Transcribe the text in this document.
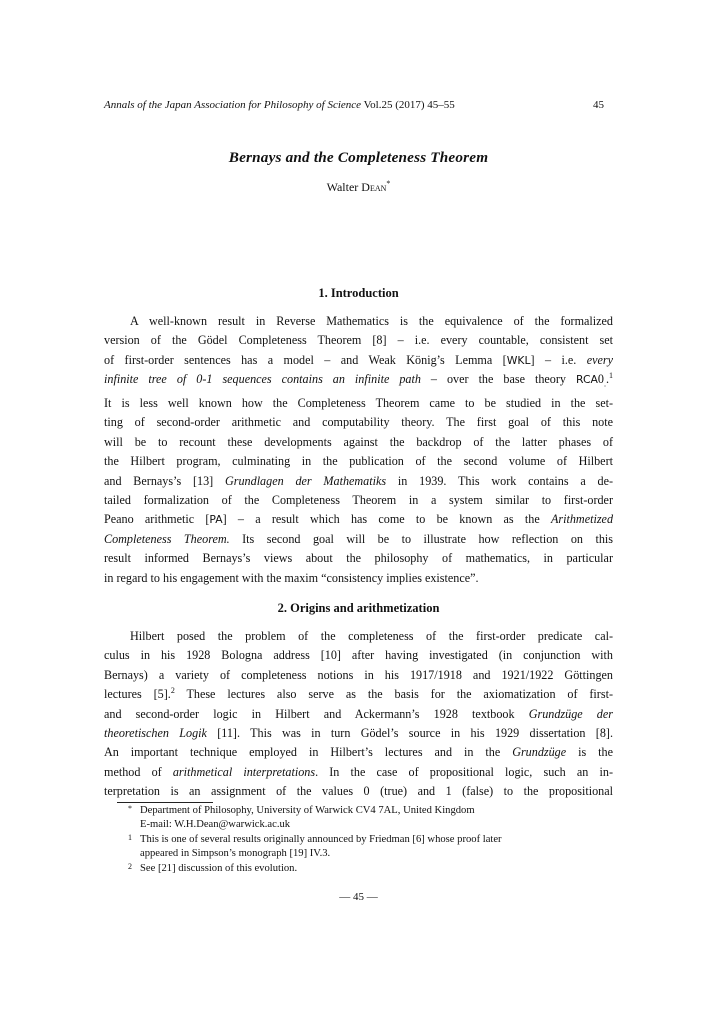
Annals of the Japan Association for Philosophy of Science Vol.25 (2017) 45–55	45
Bernays and the Completeness Theorem
Walter Dean*
1. Introduction
A well-known result in Reverse Mathematics is the equivalence of the formalized
version of the Gödel Completeness Theorem [8] – i.e. every countable, consistent set
of first-order sentences has a model – and Weak König’s Lemma [WKL] – i.e. every
infinite tree of 0-1 sequences contains an infinite path – over the base theory $RCA0_..^1$
It is less well known how the Completeness Theorem came to be studied in the set-
ting of second-order arithmetic and computability theory. The first goal of this note
will be to recount these developments against the backdrop of the latter phases of
the Hilbert program, culminating in the publication of the second volume of Hilbert
and Bernays’s [13] Grundlagen der Mathematiks in 1939. This work contains a de-
tailed formalization of the Completeness Theorem in a system similar to first-order
Peano arithmetic [PA] – a result which has come to be known as the Arithmetized
Completeness Theorem. Its second goal will be to illustrate how reflection on this
result informed Bernays’s views about the philosophy of mathematics, in particular
in regard to his engagement with the maxim “consistency implies existence”.
2. Origins and arithmetization
Hilbert posed the problem of the completeness of the first-order predicate cal-
culus in his 1928 Bologna address [10] after having investigated (in conjunction with
Bernays) a variety of completeness notions in his 1917/1918 and 1921/1922 Göttingen
lectures [5].$^2$ These lectures also serve as the basis for the axiomatization of first-
and second-order logic in Hilbert and Ackermann’s 1928 textbook Grundzüge der
theoretischen Logik [11]. This was in turn Gödel’s source in his 1929 dissertation [8].
An important technique employed in Hilbert’s lectures and in the Grundzüge is the
method of arithmetical interpretations. In the case of propositional logic, such an in-
terpretation is an assignment of the values 0 (true) and 1 (false) to the propositional
* Department of Philosophy, University of Warwick CV4 7AL, United Kingdom
E-mail: W.H.Dean@warwick.ac.uk
1 This is one of several results originally announced by Friedman [6] whose proof later
appeared in Simpson’s monograph [19] IV.3.
2 See [21] discussion of this evolution.
— 45 —
